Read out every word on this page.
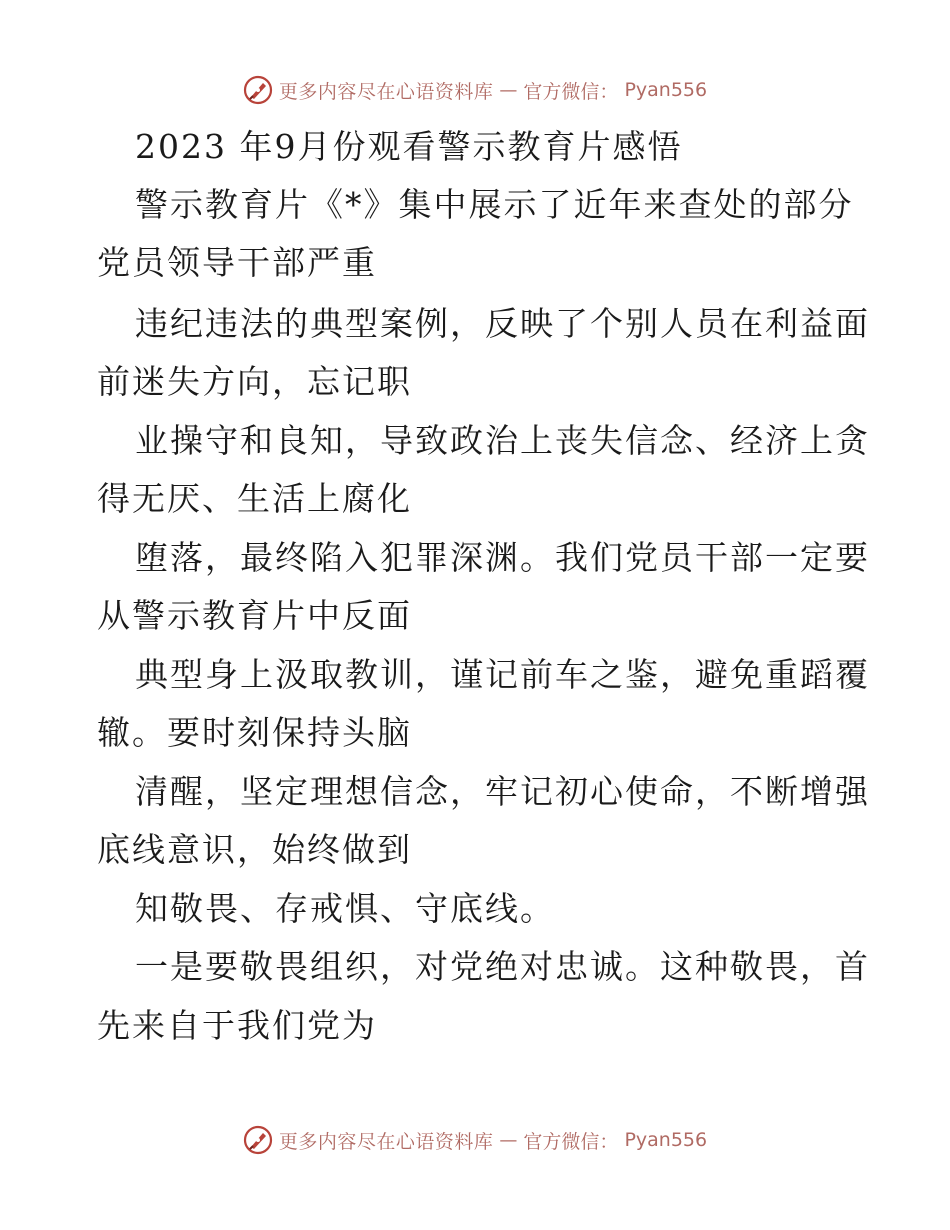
更多内容尽在心语资料库 — 官方微信： Pyan556
2023 年9月份观看警示教育片感悟
警示教育片《*》集中展示了近年来查处的部分
党员领导干部严重
违纪违法的典型案例，反映了个别人员在利益面
前迷失方向，忘记职
业操守和良知，导致政治上丧失信念、经济上贪
得无厌、生活上腐化
堕落，最终陷入犯罪深渊。我们党员干部一定要
从警示教育片中反面
典型身上汲取教训，谨记前车之鉴，避免重蹈覆
辙。要时刻保持头脑
清醒，坚定理想信念，牢记初心使命，不断增强
底线意识，始终做到
知敬畏、存戒惧、守底线。
一是要敬畏组织，对党绝对忠诚。这种敬畏，首
先来自于我们党为
更多内容尽在心语资料库 — 官方微信： Pyan556
